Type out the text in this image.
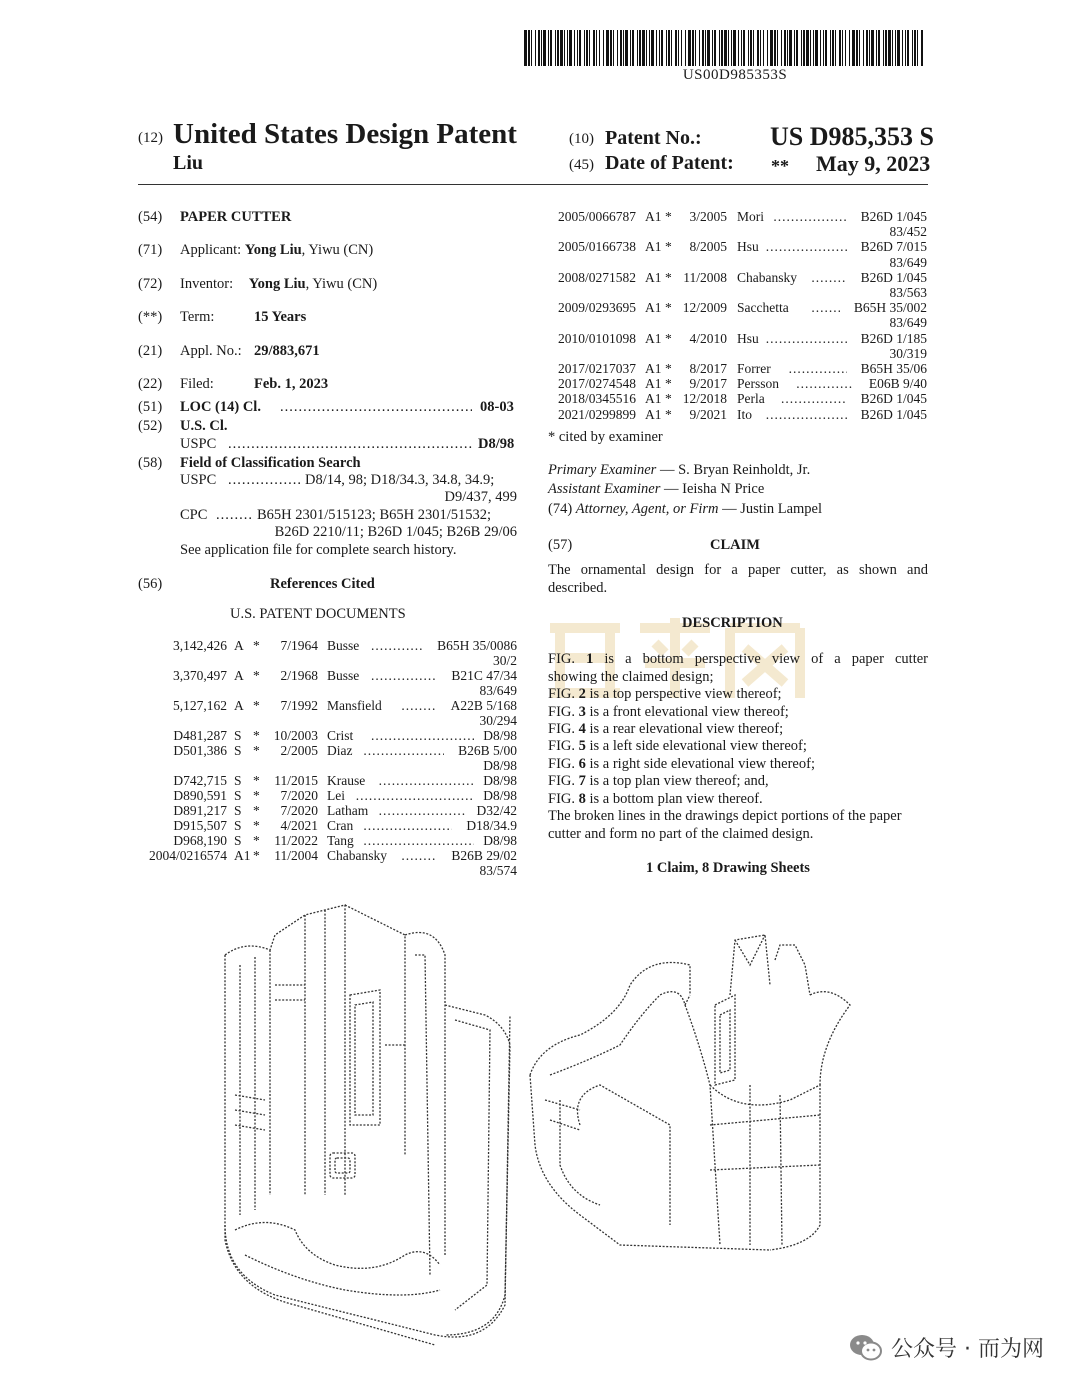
US00D985353S
(12) United States Design Patent
Liu
(10) Patent No.:	US D985,353 S
(45) Date of Patent: ** May 9, 2023
(54) PAPER CUTTER
(71) Applicant: Yong Liu, Yiwu (CN)
(72) Inventor: Yong Liu, Yiwu (CN)
(**) Term:	15 Years
(21) Appl. No.: 29/883,671
(22) Filed:	Feb. 1, 2023
(51) LOC (14) Cl. .....	08-03
(52) U.S. Cl.
USPC .....	D8/98
(58) Field of Classification Search
USPC .....	D8/14, 98; D18/34.3, 34.8, 34.9;
D9/437, 499
CPC .....	B65H 2301/515123; B65H 2301/51532;
B26D 2210/11; B26D 1/045; B26B 29/06
See application file for complete search history.
(56)	References Cited
U.S. PATENT DOCUMENTS
3,142,426 A *	7/1964 Busse .....	B65H 35/0086
30/2
3,370,497 A *	2/1968 Busse .....	B21C 47/34
83/649
5,127,162 A *	7/1992 Mansfield .....	A22B 5/168
30/294
D481,287 S *	10/2003 Crist .....	D8/98
D501,386 S *	2/2005 Diaz .....	B26B 5/00
D8/98
D742,715 S *	11/2015 Krause .....	D8/98
D890,591 S *	7/2020 Lei .....	D8/98
D891,217 S *	7/2020 Latham .....	D32/42
D915,507 S *	4/2021 Cran .....	D18/34.9
D968,190 S *	11/2022 Tang .....	D8/98
2004/0216574 A1 *	11/2004 Chabansky .....	B26B 29/02
83/574
2005/0066787 A1 *	3/2005 Mori .....	B26D 1/045
83/452
2005/0166738 A1 *	8/2005 Hsu .....	B26D 7/015
83/649
2008/0271582 A1 * 11/2008 Chabansky .....	B26D 1/045
83/563
2009/0293695 A1 * 12/2009 Sacchetta .....	B65H 35/002
83/649
2010/0101098 A1 *	4/2010 Hsu .....	B26D 1/185
30/319
2017/0217037 A1 *	8/2017 Forrer .....	B65H 35/06
2017/0274548 A1 *	9/2017 Persson .....	E06B 9/40
2018/0345516 A1 * 12/2018 Perla .....	B26D 1/045
2021/0299899 A1 *	9/2021 Ito .....	B26D 1/045
* cited by examiner
Primary Examiner — S. Bryan Reinholdt, Jr.
Assistant Examiner — Ieisha N Price
(74) Attorney, Agent, or Firm — Justin Lampel
(57)	CLAIM
The ornamental design for a paper cutter, as shown and described.
DESCRIPTION
FIG. 1 is a bottom perspective view of a paper cutter
FIG. 2 is a top perspective view thereof;
FIG. 3 is a front elevational view thereof;
FIG. 4 is a rear elevational view thereof;
FIG. 5 is a left side elevational view thereof;
FIG. 6 is a right side elevational view thereof;
FIG. 7 is a top plan view thereof; and,
FIG. 8 is a bottom plan view thereof.
showing the claimed design;
The broken lines in the drawings depict portions of the paper
cutter and form no part of the claimed design.
1 Claim, 8 Drawing Sheets
公众号 · 而为网
